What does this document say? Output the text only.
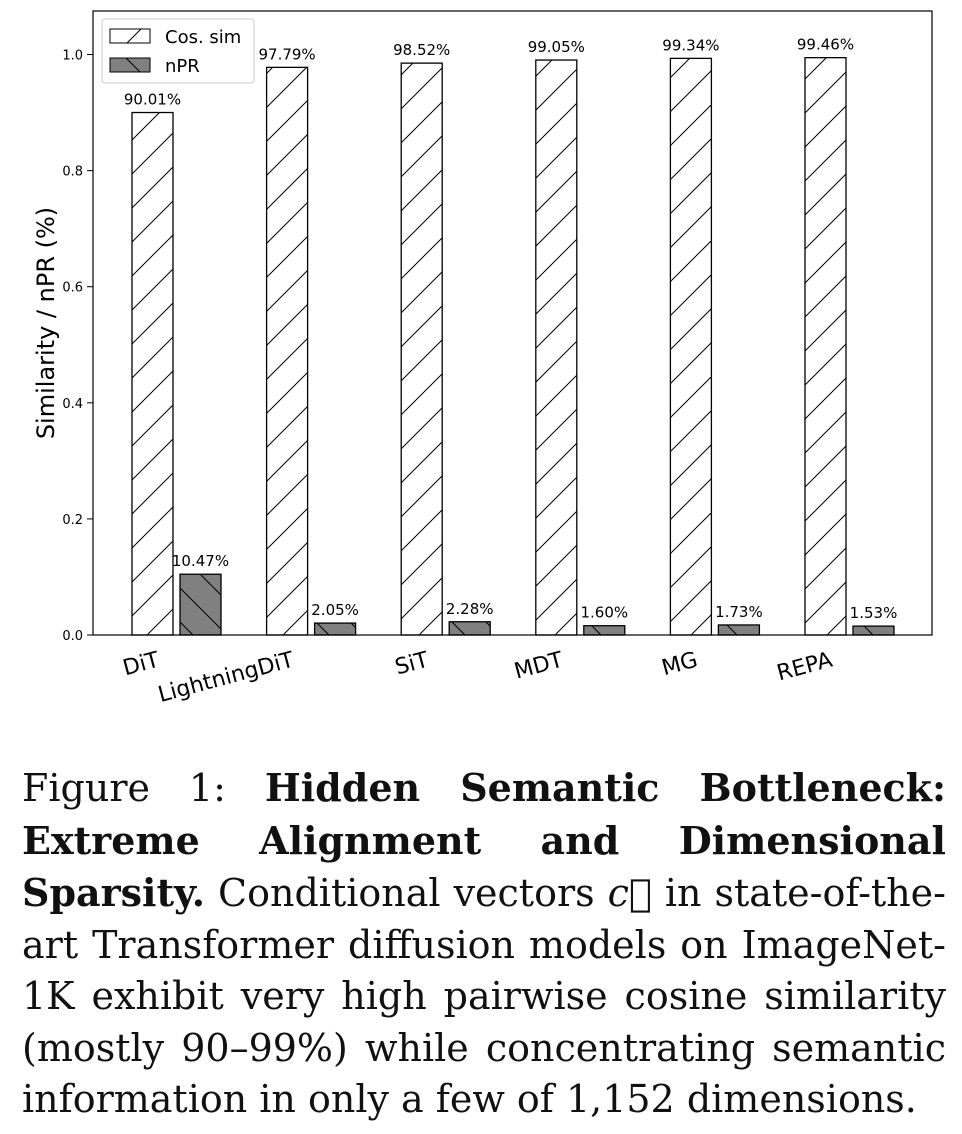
90.01%
10.47%
97.79%
2.05%
98.52%
2.28%
99.05%
1.60%
99.34%
1.73%
99.46%
1.53%
0.0
0.2
0.4
0.6
0.8
1.0
DiT
LightningDiT	SiT	MDT	MG	REPA
Similarity / nPR (%)
Cos. sim
nPR

Figure 1: Hidden Semantic Bottleneck: Extreme Alignment and Dimensional Sparsity. Conditional vectors c⃗ in state-of-the-art Transformer diffusion models on ImageNet-1K exhibit very high pairwise cosine similarity (mostly 90–99%) while concentrating semantic information in only a few of 1,152 dimensions.
